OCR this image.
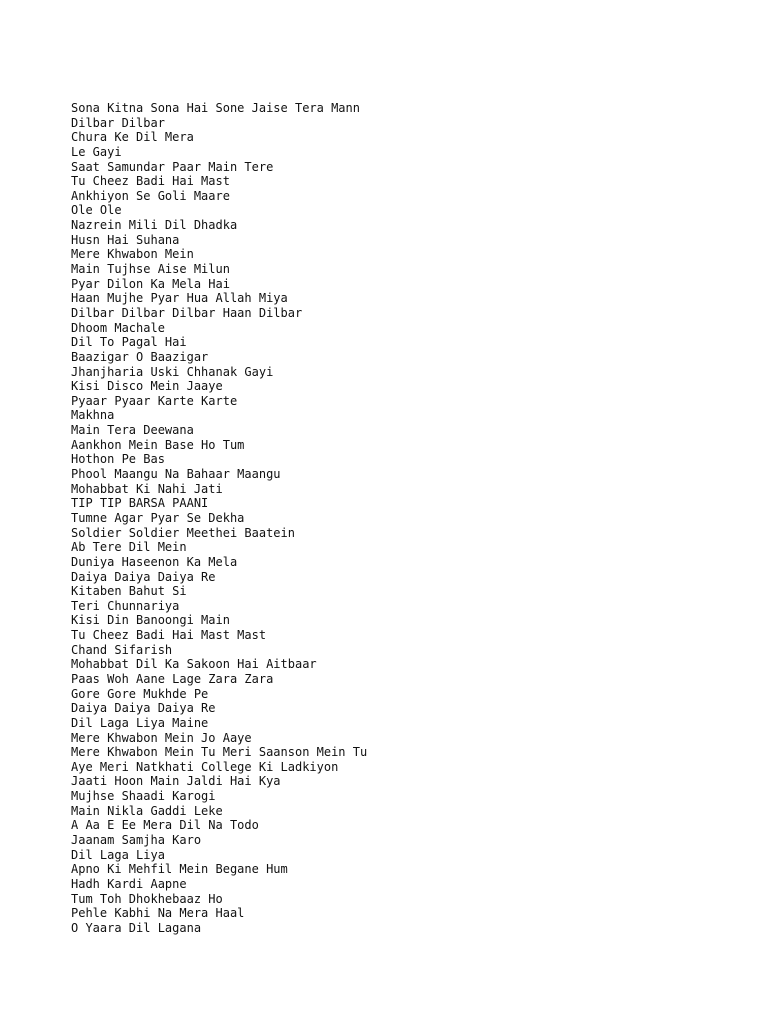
Sona Kitna Sona Hai Sone Jaise Tera Mann
Dilbar Dilbar
Chura Ke Dil Mera
Le Gayi
Saat Samundar Paar Main Tere
Tu Cheez Badi Hai Mast
Ankhiyon Se Goli Maare
Ole Ole
Nazrein Mili Dil Dhadka
Husn Hai Suhana
Mere Khwabon Mein
Main Tujhse Aise Milun
Pyar Dilon Ka Mela Hai
Haan Mujhe Pyar Hua Allah Miya
Dilbar Dilbar Dilbar Haan Dilbar
Dhoom Machale
Dil To Pagal Hai
Baazigar O Baazigar
Jhanjharia Uski Chhanak Gayi
Kisi Disco Mein Jaaye
Pyaar Pyaar Karte Karte
Makhna
Main Tera Deewana
Aankhon Mein Base Ho Tum
Hothon Pe Bas
Phool Maangu Na Bahaar Maangu
Mohabbat Ki Nahi Jati
TIP TIP BARSA PAANI
Tumne Agar Pyar Se Dekha
Soldier Soldier Meethei Baatein
Ab Tere Dil Mein
Duniya Haseenon Ka Mela
Daiya Daiya Daiya Re
Kitaben Bahut Si
Teri Chunnariya
Kisi Din Banoongi Main
Tu Cheez Badi Hai Mast Mast
Chand Sifarish
Mohabbat Dil Ka Sakoon Hai Aitbaar
Paas Woh Aane Lage Zara Zara
Gore Gore Mukhde Pe
Daiya Daiya Daiya Re
Dil Laga Liya Maine
Mere Khwabon Mein Jo Aaye
Mere Khwabon Mein Tu Meri Saanson Mein Tu
Aye Meri Natkhati College Ki Ladkiyon
Jaati Hoon Main Jaldi Hai Kya
Mujhse Shaadi Karogi
Main Nikla Gaddi Leke
A Aa E Ee Mera Dil Na Todo
Jaanam Samjha Karo
Dil Laga Liya
Apno Ki Mehfil Mein Begane Hum
Hadh Kardi Aapne
Tum Toh Dhokhebaaz Ho
Pehle Kabhi Na Mera Haal
O Yaara Dil Lagana
